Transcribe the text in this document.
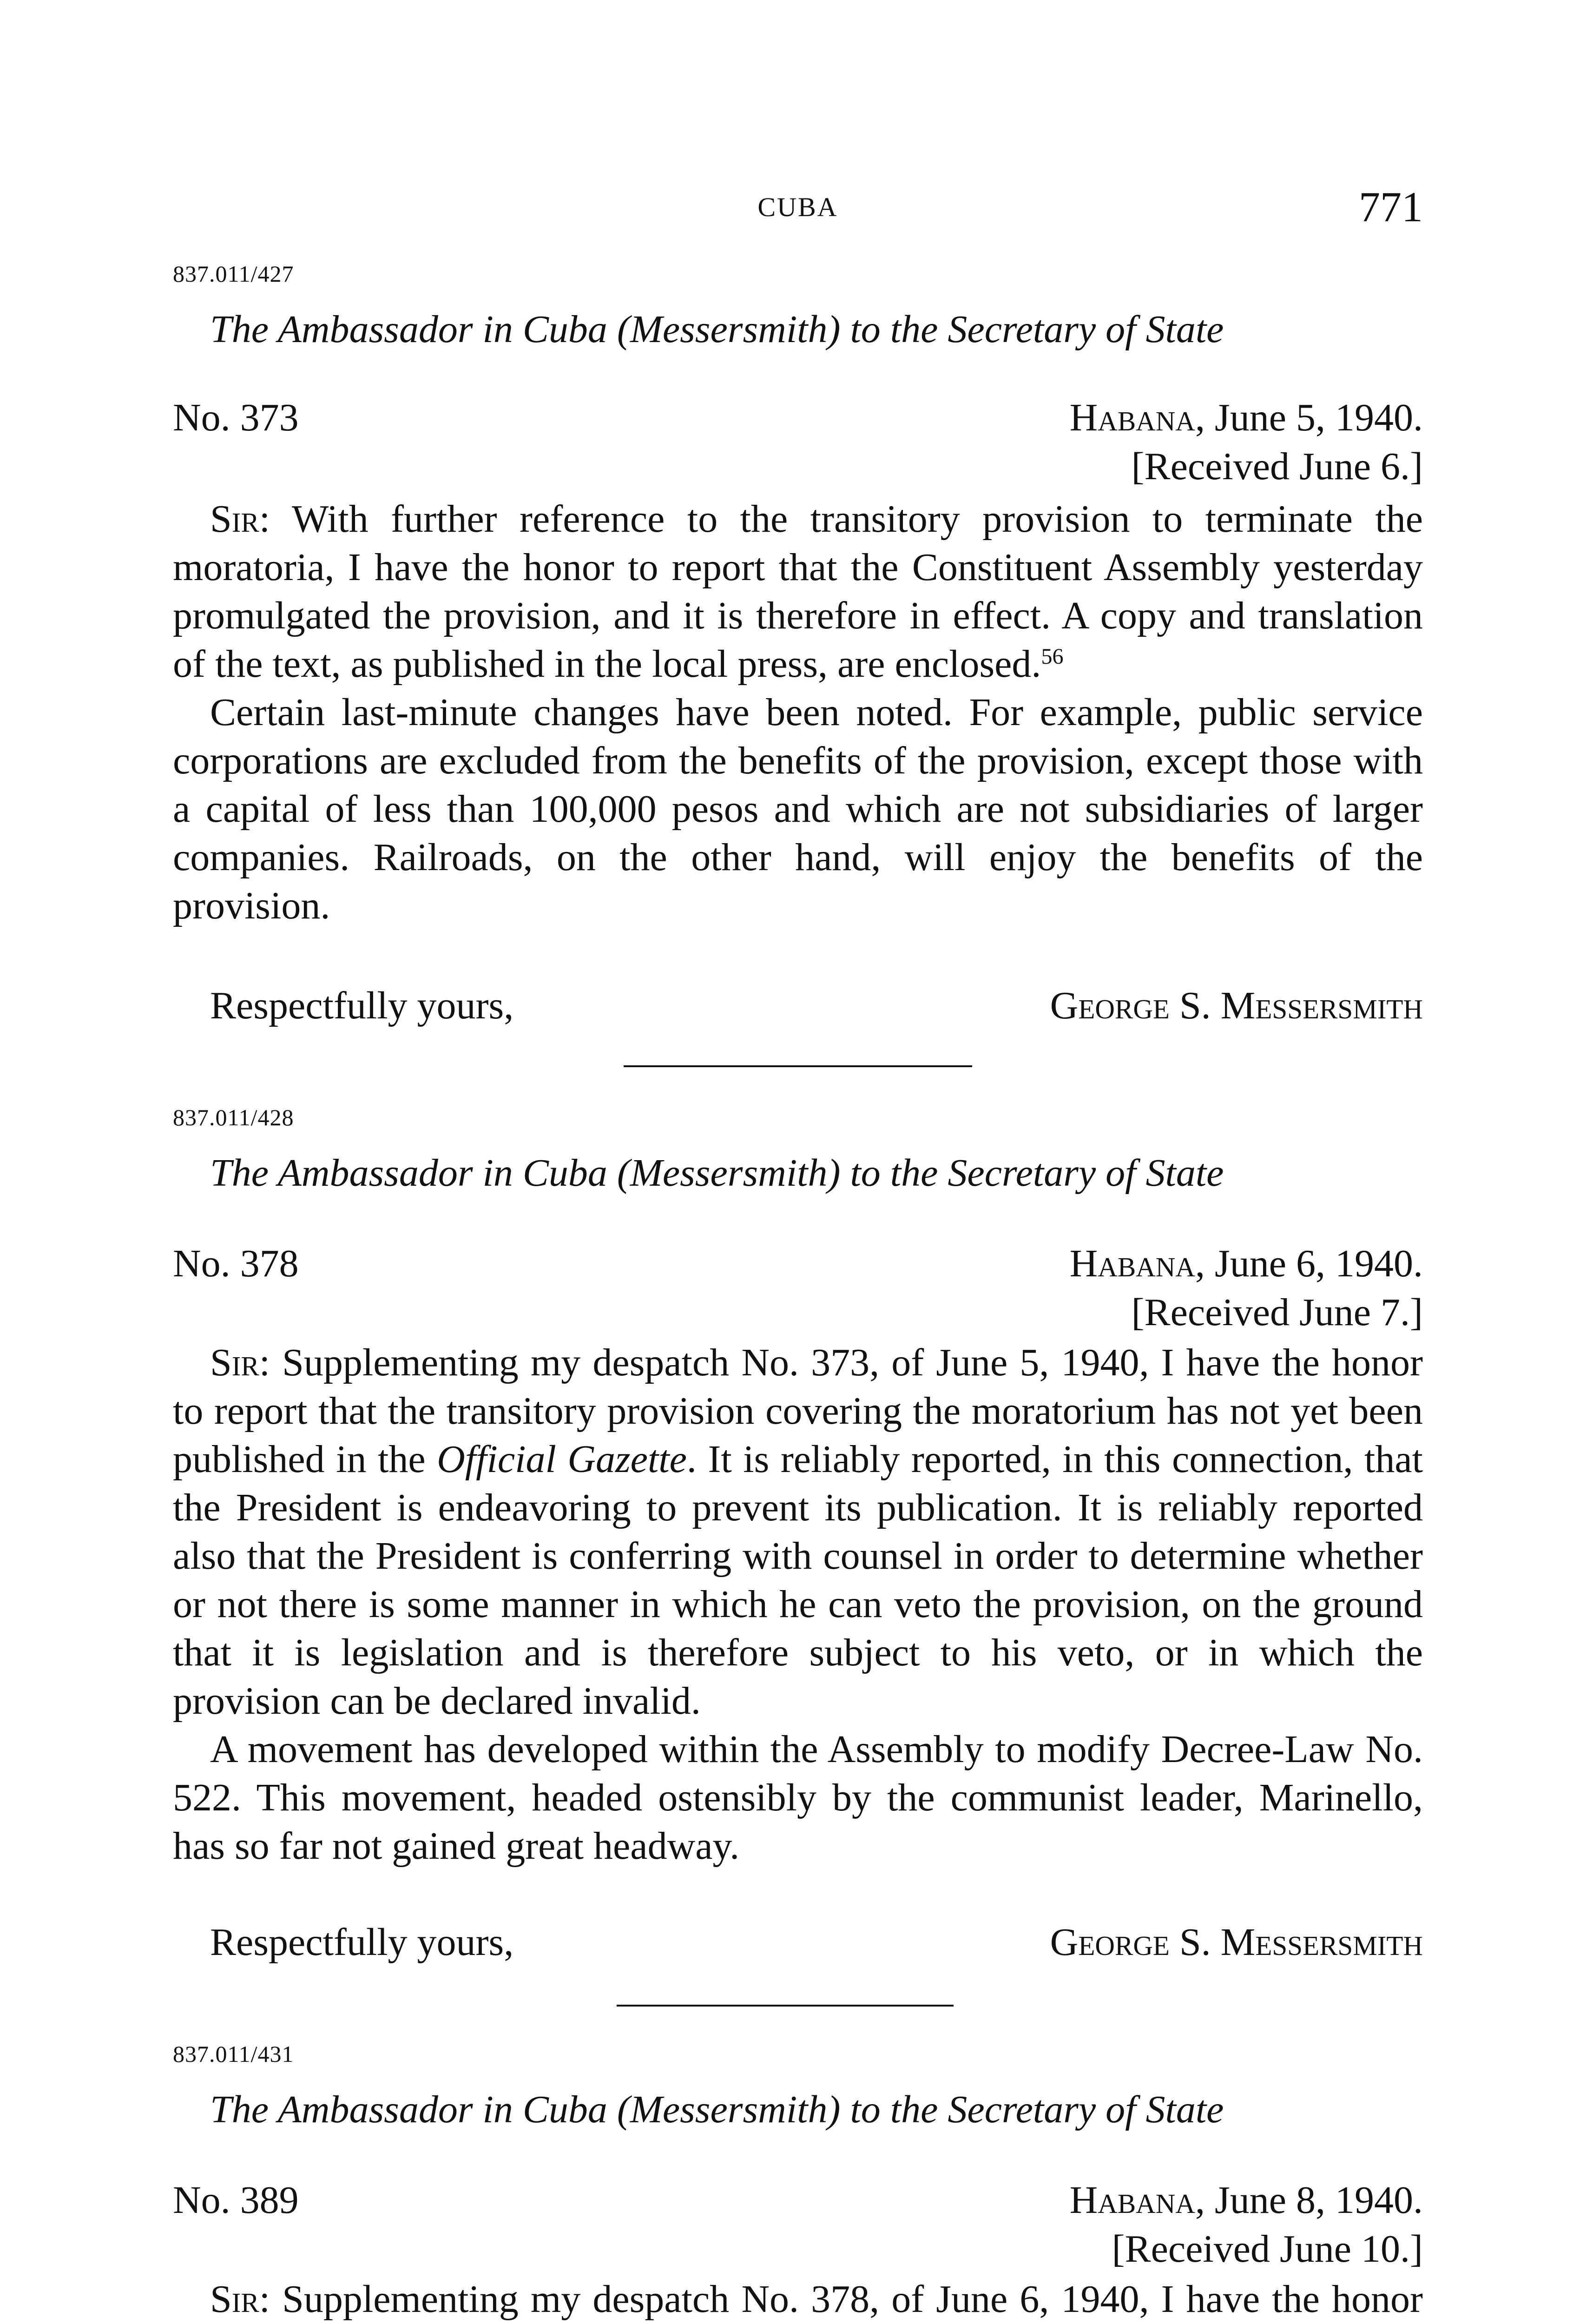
CUBA	771
837.011/427
The Ambassador in Cuba (Messersmith) to the Secretary of State
No. 373	Habana, June 5, 1940.
[Received June 6.]

Sir: With further reference to the transitory provision to terminate the moratoria, I have the honor to report that the Constituent Assembly yesterday promulgated the provision, and it is therefore in effect. A copy and translation of the text, as published in the local press, are enclosed.$^{56}$

Certain last-minute changes have been noted. For example, public service corporations are excluded from the benefits of the provision, except those with a capital of less than 100,000 pesos and which are not subsidiaries of larger companies. Railroads, on the other hand, will enjoy the benefits of the provision.

Respectfully yours,	George S. Messersmith
837.011/428
The Ambassador in Cuba (Messersmith) to the Secretary of State
No. 378	Habana, June 6, 1940.
[Received June 7.]

Sir: Supplementing my despatch No. 373, of June 5, 1940, I have the honor to report that the transitory provision covering the moratorium has not yet been published in the Official Gazette. It is reliably reported, in this connection, that the President is endeavoring to prevent its publication. It is reliably reported also that the President is conferring with counsel in order to determine whether or not there is some manner in which he can veto the provision, on the ground that it is legislation and is therefore subject to his veto, or in which the provision can be declared invalid.

A movement has developed within the Assembly to modify Decree-Law No. 522. This movement, headed ostensibly by the communist leader, Marinello, has so far not gained great headway.

Respectfully yours,	George S. Messersmith
837.011/431
The Ambassador in Cuba (Messersmith) to the Secretary of State
No. 389	Habana, June 8, 1940.
[Received June 10.]

Sir: Supplementing my despatch No. 378, of June 6, 1940, I have the honor
